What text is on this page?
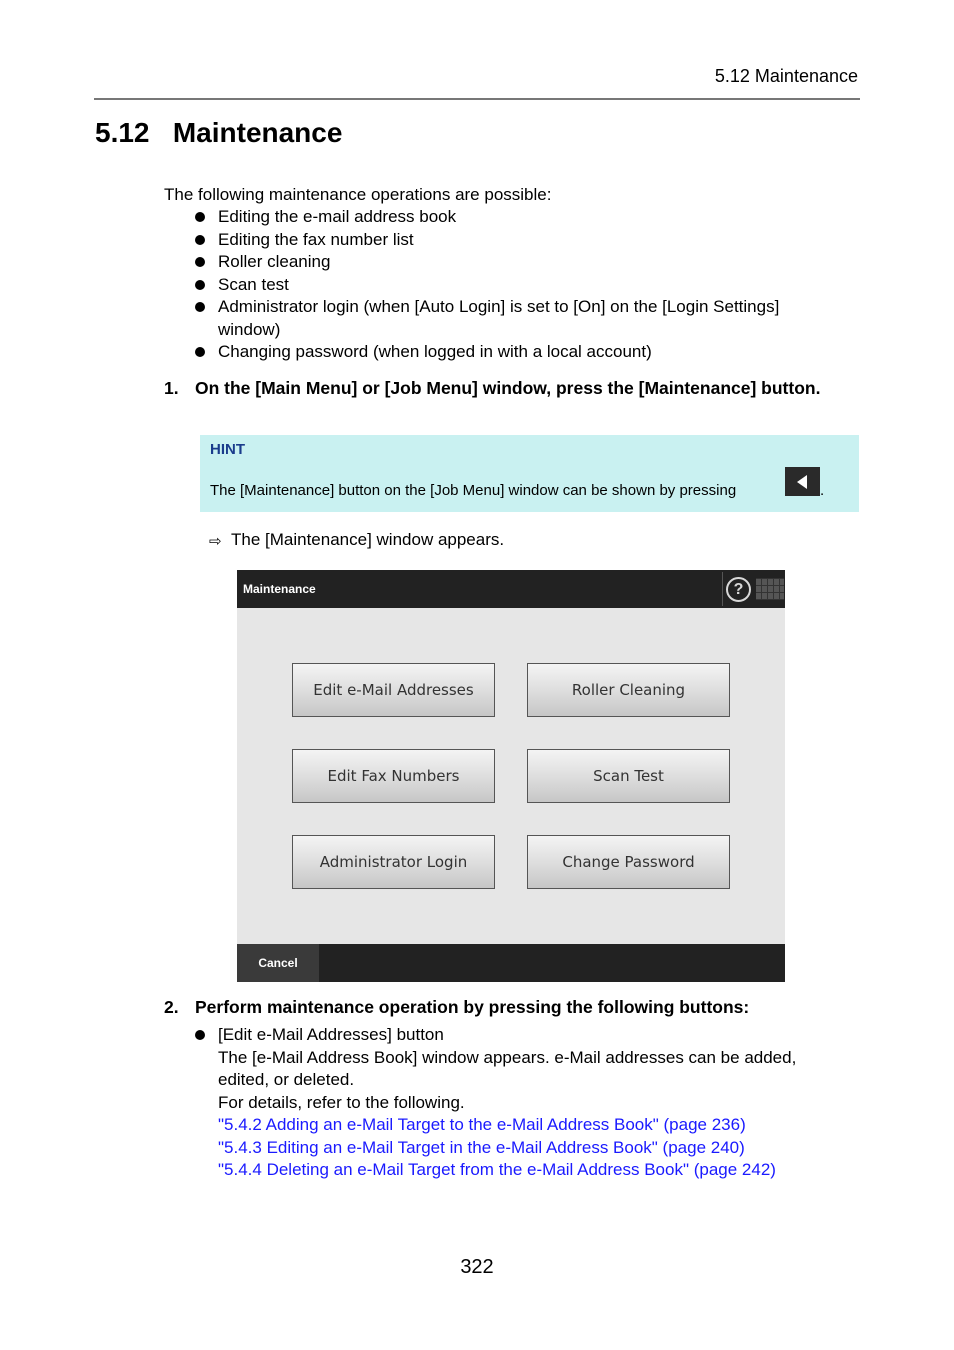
5.12 Maintenance
5.12   Maintenance
The following maintenance operations are possible:
Editing the e-mail address book
Editing the fax number list
Roller cleaning
Scan test
Administrator login (when [Auto Login] is set to [On] on the [Login Settings] window)
Changing password (when logged in with a local account)
1. On the [Main Menu] or [Job Menu] window, press the [Maintenance] button.
HINT
The [Maintenance] button on the [Job Menu] window can be shown by pressing	.
⇨ The [Maintenance] window appears.
Maintenance	?
Edit e-Mail Addresses	Roller Cleaning
Edit Fax Numbers	Scan Test
Administrator Login	Change Password
Cancel
2. Perform maintenance operation by pressing the following buttons:
[Edit e-Mail Addresses] button
The [e-Mail Address Book] window appears. e-Mail addresses can be added,
edited, or deleted.
For details, refer to the following.
"5.4.2 Adding an e-Mail Target to the e-Mail Address Book" (page 236)
"5.4.3 Editing an e-Mail Target in the e-Mail Address Book" (page 240)
"5.4.4 Deleting an e-Mail Target from the e-Mail Address Book" (page 242)
322
